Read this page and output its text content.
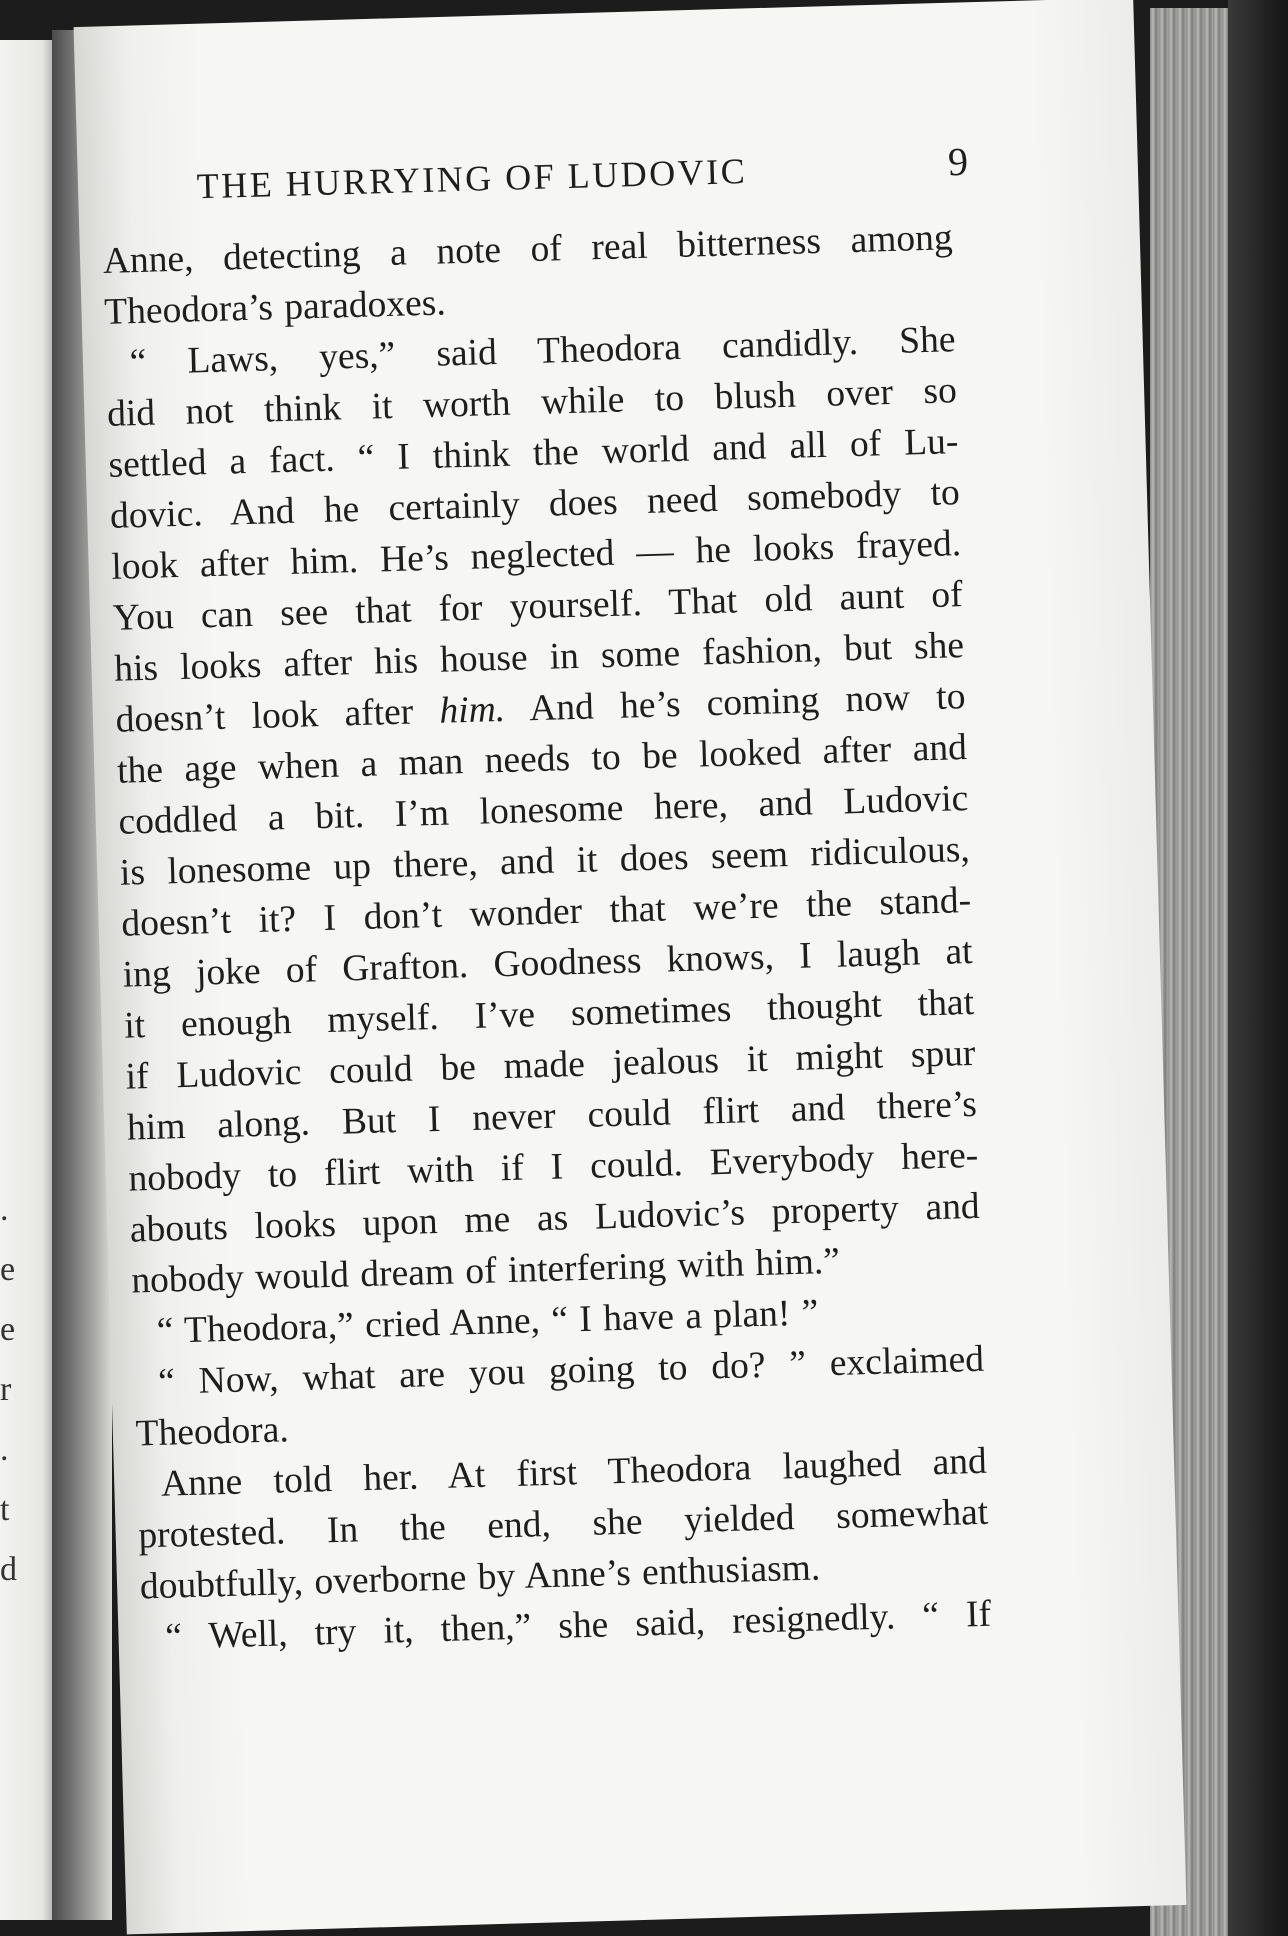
.
e
e
r
.
t
d
THE HURRYING OF LUDOVIC	9
Anne, detecting a note of real bitterness among
Theodora’s paradoxes.
“ Laws, yes,” said Theodora candidly. She
did not think it worth while to blush over so
settled a fact. “ I think the world and all of Lu-
dovic. And he certainly does need somebody to
look after him. He’s neglected — he looks frayed.
You can see that for yourself. That old aunt of
his looks after his house in some fashion, but she
doesn’t look after him. And he’s coming now to
the age when a man needs to be looked after and
coddled a bit. I’m lonesome here, and Ludovic
is lonesome up there, and it does seem ridiculous,
doesn’t it? I don’t wonder that we’re the stand-
ing joke of Grafton. Goodness knows, I laugh at
it enough myself. I’ve sometimes thought that
if Ludovic could be made jealous it might spur
him along. But I never could flirt and there’s
nobody to flirt with if I could. Everybody here-
abouts looks upon me as Ludovic’s property and
nobody would dream of interfering with him.”
“ Theodora,” cried Anne, “ I have a plan! ”
“ Now, what are you going to do? ” exclaimed
Theodora.
Anne told her. At first Theodora laughed and
protested. In the end, she yielded somewhat
doubtfully, overborne by Anne’s enthusiasm.
“ Well, try it, then,” she said, resignedly. “ If
